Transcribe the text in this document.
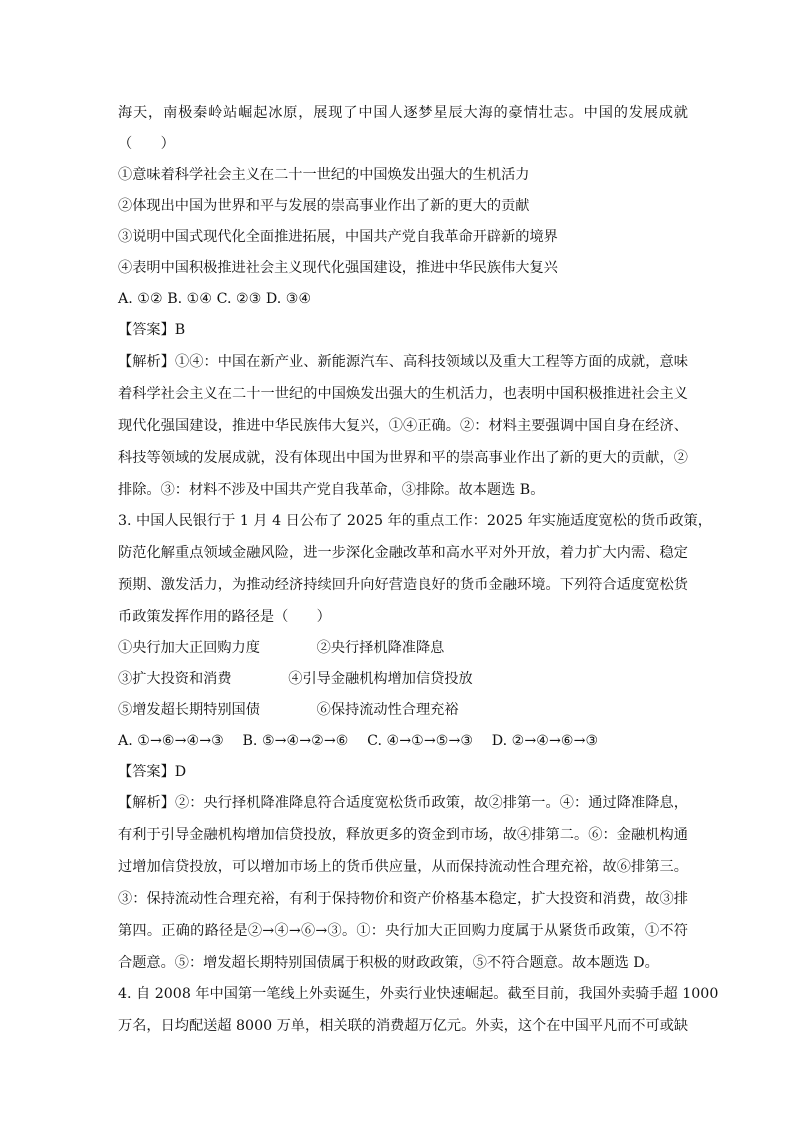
海天，南极秦岭站崛起冰原，展现了中国人逐梦星辰大海的豪情壮志。中国的发展成就
（　　）
①意味着科学社会主义在二十一世纪的中国焕发出强大的生机活力
②体现出中国为世界和平与发展的崇高事业作出了新的更大的贡献
③说明中国式现代化全面推进拓展，中国共产党自我革命开辟新的境界
④表明中国积极推进社会主义现代化强国建设，推进中华民族伟大复兴
A. ①② B. ①④ C. ②③ D. ③④
【答案】B
【解析】①④：中国在新产业、新能源汽车、高科技领域以及重大工程等方面的成就，意味
着科学社会主义在二十一世纪的中国焕发出强大的生机活力，也表明中国积极推进社会主义
现代化强国建设，推进中华民族伟大复兴，①④正确。②：材料主要强调中国自身在经济、
科技等领域的发展成就，没有体现出中国为世界和平的崇高事业作出了新的更大的贡献，②
排除。③：材料不涉及中国共产党自我革命，③排除。故本题选 B。
3. 中国人民银行于 1 月 4 日公布了 2025 年的重点工作：2025 年实施适度宽松的货币政策，
防范化解重点领域金融风险，进一步深化金融改革和高水平对外开放，着力扩大内需、稳定
预期、激发活力，为推动经济持续回升向好营造良好的货币金融环境。下列符合适度宽松货
币政策发挥作用的路径是（　　）
①央行加大正回购力度　　　　②央行择机降准降息
③扩大投资和消费　　　　④引导金融机构增加信贷投放
⑤增发超长期特别国债　　　　⑥保持流动性合理充裕
A. ①→⑥→④→③　 B. ⑤→④→②→⑥　 C. ④→①→⑤→③　 D. ②→④→⑥→③
【答案】D
【解析】②：央行择机降准降息符合适度宽松货币政策，故②排第一。④：通过降准降息，
有利于引导金融机构增加信贷投放，释放更多的资金到市场，故④排第二。⑥：金融机构通
过增加信贷投放，可以增加市场上的货币供应量，从而保持流动性合理充裕，故⑥排第三。
③：保持流动性合理充裕，有利于保持物价和资产价格基本稳定，扩大投资和消费，故③排
第四。正确的路径是②→④→⑥→③。①：央行加大正回购力度属于从紧货币政策，①不符
合题意。⑤：增发超长期特别国债属于积极的财政政策，⑤不符合题意。故本题选 D。
4. 自 2008 年中国第一笔线上外卖诞生，外卖行业快速崛起。截至目前，我国外卖骑手超 1000
万名，日均配送超 8000 万单，相关联的消费超万亿元。外卖，这个在中国平凡而不可或缺
